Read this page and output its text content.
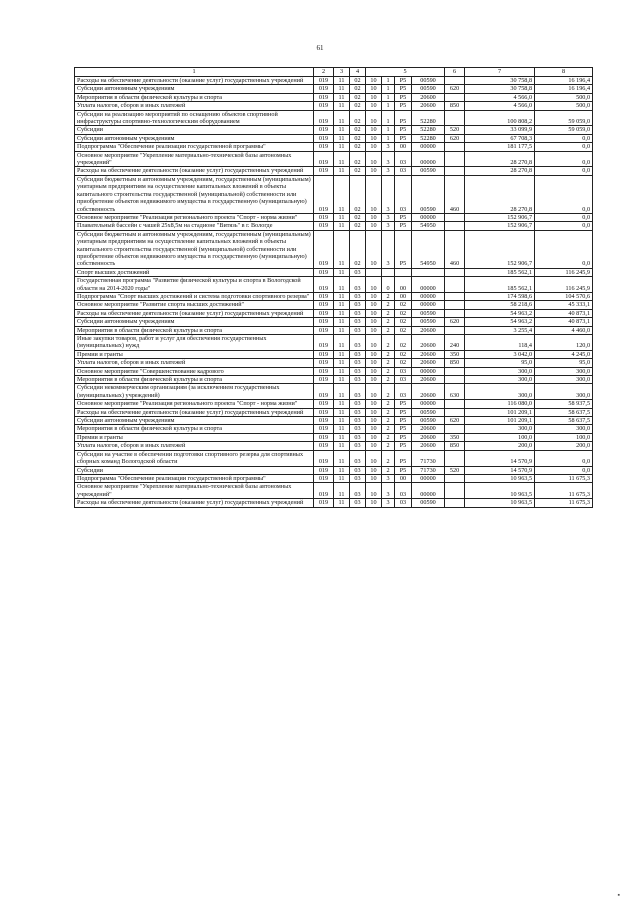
61
1	2	3	4	5				6	7	8
Расходы на обеспечение деятельности (оказание услуг) государственных учреждений	019	11	02	10	1	P5	00590		30 758,8	16 196,4
Субсидии автономным учреждениям	019	11	02	10	1	P5	00590	620	30 758,8	16 196,4
Мероприятия в области физической культуры и спорта	019	11	02	10	1	P5	20600		4 566,0	500,0
Уплата налогов, сборов и иных платежей	019	11	02	10	1	P5	20600	850	4 566,0	500,0
Субсидии на реализацию мероприятий по оснащению объектов спортивной инфраструктуры спортивно-технологическим оборудованием	019	11	02	10	1	P5	52280		100 808,2	59 059,0
Субсидии	019	11	02	10	1	P5	52280	520	33 099,9	59 059,0
Субсидии автономным учреждениям	019	11	02	10	1	P5	52280	620	67 708,3	0,0
Подпрограмма "Обеспечение реализации государственной программы"	019	11	02	10	3	00	00000		181 177,5	0,0
Основное мероприятие "Укрепление материально-технической базы автономных учреждений"	019	11	02	10	3	03	00000		28 270,8	0,0
Расходы на обеспечение деятельности (оказание услуг) государственных учреждений	019	11	02	10	3	03	00590		28 270,8	0,0
Субсидии бюджетным и автономным учреждениям, государственным (муниципальным) унитарным предприятиям на осуществление капитальных вложений в объекты капитального строительства государственной (муниципальной) собственности или приобретение объектов недвижимого имущества в государственную (муниципальную) собственность	019	11	02	10	3	03	00590	460	28 270,8	0,0
Основное мероприятие "Реализация регионального проекта "Спорт - норма жизни"	019	11	02	10	3	P5	00000		152 906,7	0,0
Плавательный бассейн с чашей 25х8,5м на стадионе "Витязь" в г. Вологде	019	11	02	10	3	P5	54950		152 906,7	0,0
Субсидии бюджетным и автономным учреждениям, государственным (муниципальным) унитарным предприятиям на осуществление капитальных вложений в объекты капитального строительства государственной (муниципальной) собственности или приобретение объектов недвижимого имущества в государственную (муниципальную) собственность	019	11	02	10	3	P5	54950	460	152 906,7	0,0
Спорт высших достижений	019	11	03						185 562,1	116 245,9
Государственная программа "Развитие физической культуры и спорта в Вологодской области на 2014-2020 годы"	019	11	03	10	0	00	00000		185 562,1	116 245,9
Подпрограмма "Спорт высших достижений и система подготовки спортивного резерва"	019	11	03	10	2	00	00000		174 598,6	104 570,6
Основное мероприятие "Развитие спорта высших достижений"	019	11	03	10	2	02	00000		58 218,6	45 333,1
Расходы на обеспечение деятельности (оказание услуг) государственных учреждений	019	11	03	10	2	02	00590		54 963,2	40 873,1
Субсидии автономным учреждениям	019	11	03	10	2	02	00590	620	54 963,2	40 873,1
Мероприятия в области физической культуры и спорта	019	11	03	10	2	02	20600		3 255,4	4 460,0
Иные закупки товаров, работ и услуг для обеспечения государственных (муниципальных) нужд	019	11	03	10	2	02	20600	240	118,4	120,0
Премии и гранты	019	11	03	10	2	02	20600	350	3 042,0	4 245,0
Уплата налогов, сборов и иных платежей	019	11	03	10	2	02	20600	850	95,0	95,0
Основное мероприятие "Совершенствование кадрового	019	11	03	10	2	03	00000		300,0	300,0
Мероприятия в области физической культуры и спорта	019	11	03	10	2	03	20600		300,0	300,0
Субсидии некоммерческим организациям (за исключением государственных (муниципальных) учреждений)	019	11	03	10	2	03	20600	630	300,0	300,0
Основное мероприятие "Реализация регионального проекта "Спорт - норма жизни"	019	11	03	10	2	P5	00000		116 080,0	58 937,5
Расходы на обеспечение деятельности (оказание услуг) государственных учреждений	019	11	03	10	2	P5	00590		101 209,1	58 637,5
Субсидии автономным учреждениям	019	11	03	10	2	P5	00590	620	101 209,1	58 637,5
Мероприятия в области физической культуры и спорта	019	11	03	10	2	P5	20600		300,0	300,0
Премии и гранты	019	11	03	10	2	P5	20600	350	100,0	100,0
Уплата налогов, сборов и иных платежей	019	11	03	10	2	P5	20600	850	200,0	200,0
Субсидии на участие в обеспечении подготовки спортивного резерва для спортивных сборных команд Вологодской области	019	11	03	10	2	P5	71730		14 570,9	0,0
Субсидии	019	11	03	10	2	P5	71730	520	14 570,9	0,0
Подпрограмма "Обеспечение реализации государственной программы"	019	11	03	10	3	00	00000		10 963,5	11 675,3
Основное мероприятие "Укрепление материально-технической базы автономных учреждений"	019	11	03	10	3	03	00000		10 963,5	11 675,3
Расходы на обеспечение деятельности (оказание услуг) государственных учреждений	019	11	03	10	3	03	00590		10 963,5	11 675,3
▪
